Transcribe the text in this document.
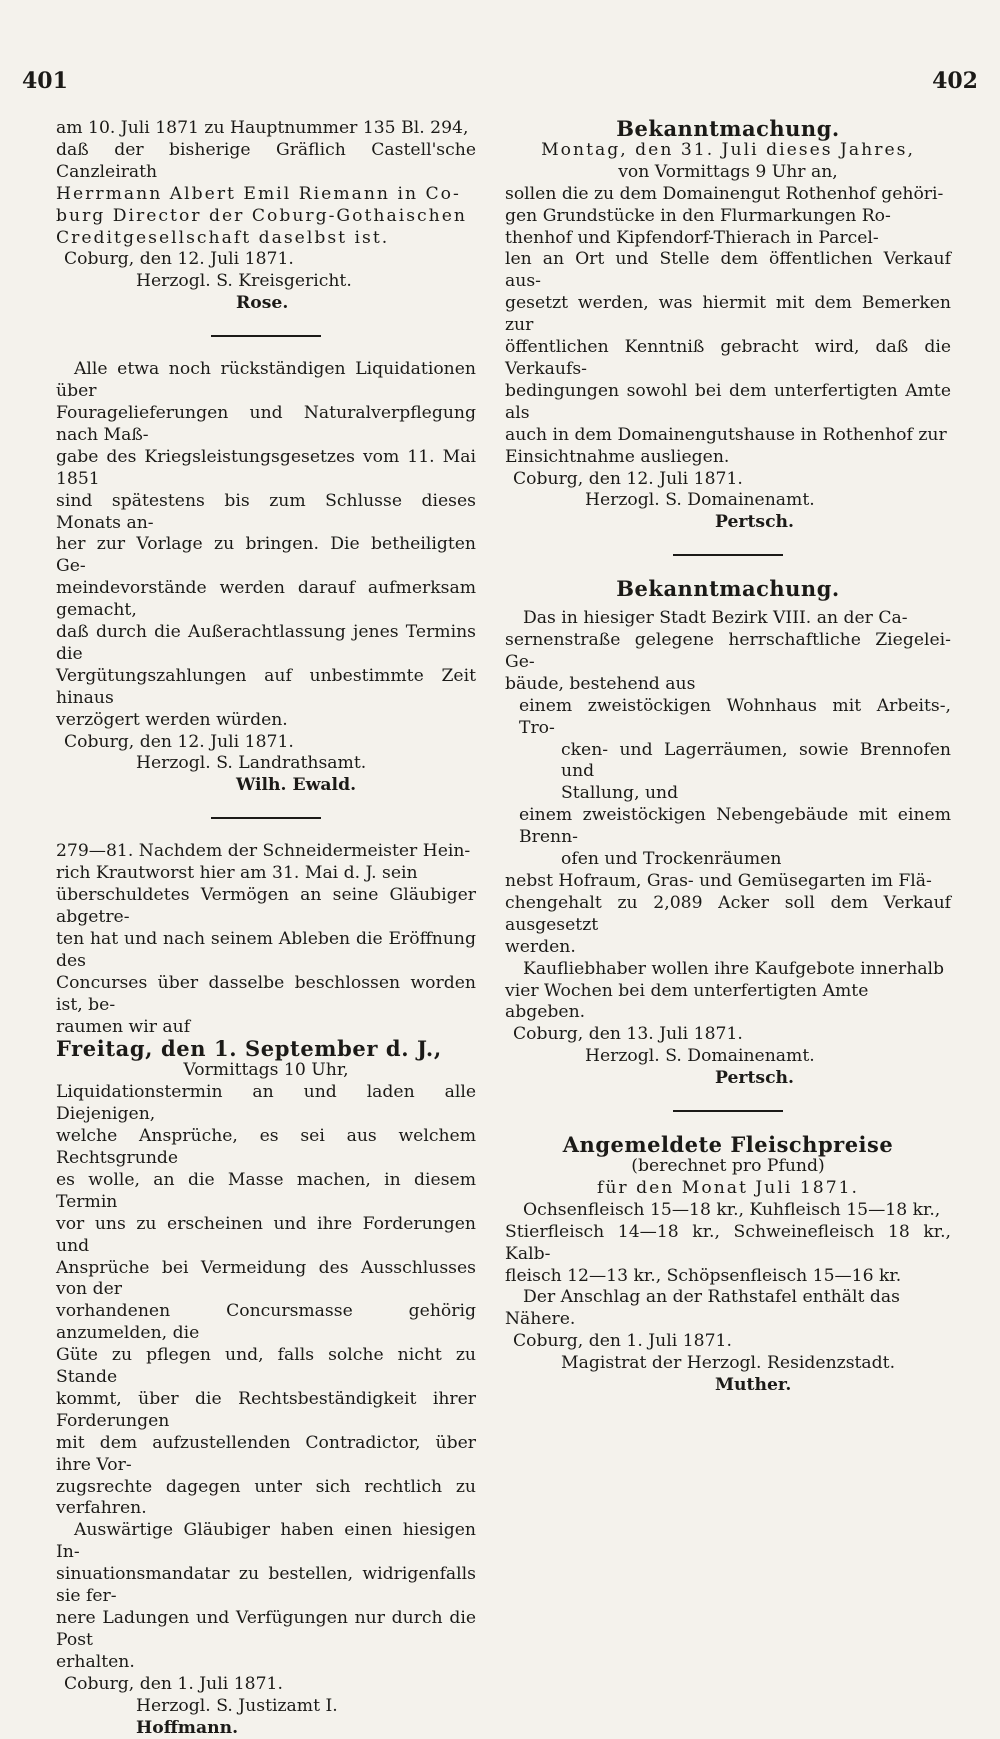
401	402

am 10. Juli 1871 zu Hauptnummer 135 Bl. 294,

daß der bisherige Gräflich Castell'sche Canzleirath

Herrmann Albert Emil Riemann in Co-

burg Director der Coburg-Gothaischen

Creditgesellschaft daselbst ist.

Coburg, den 12. Juli 1871.

Herzogl. S. Kreisgericht.

Rose.

Alle etwa noch rückständigen Liquidationen über

Fouragelieferungen und Naturalverpflegung nach Maß-

gabe des Kriegsleistungsgesetzes vom 11. Mai 1851

sind spätestens bis zum Schlusse dieses Monats an-

her zur Vorlage zu bringen. Die betheiligten Ge-

meindevorstände werden darauf aufmerksam gemacht,

daß durch die Außerachtlassung jenes Termins die

Vergütungszahlungen auf unbestimmte Zeit hinaus

verzögert werden würden.

Coburg, den 12. Juli 1871.

Herzogl. S. Landrathsamt.

Wilh. Ewald.

279—81. Nachdem der Schneidermeister Hein-

rich Krautworst hier am 31. Mai d. J. sein

überschuldetes Vermögen an seine Gläubiger abgetre-

ten hat und nach seinem Ableben die Eröffnung des

Concurses über dasselbe beschlossen worden ist, be-

raumen wir auf

Freitag, den 1. September d. J.,

Vormittags 10 Uhr,

Liquidationstermin an und laden alle Diejenigen,

welche Ansprüche, es sei aus welchem Rechtsgrunde

es wolle, an die Masse machen, in diesem Termin

vor uns zu erscheinen und ihre Forderungen und

Ansprüche bei Vermeidung des Ausschlusses von der

vorhandenen Concursmasse gehörig anzumelden, die

Güte zu pflegen und, falls solche nicht zu Stande

kommt, über die Rechtsbeständigkeit ihrer Forderungen

mit dem aufzustellenden Contradictor, über ihre Vor-

zugsrechte dagegen unter sich rechtlich zu verfahren.

Auswärtige Gläubiger haben einen hiesigen In-

sinuationsmandatar zu bestellen, widrigenfalls sie fer-

nere Ladungen und Verfügungen nur durch die Post

erhalten.

Coburg, den 1. Juli 1871.

Herzogl. S. Justizamt I.

Hoffmann.

Bekanntmachung.

Montag, den 31. Juli dieses Jahres,

von Vormittags 9 Uhr an,

sollen die zu dem Domainengut Rothenhof gehöri-

gen Grundstücke in den Flurmarkungen Ro-

thenhof und Kipfendorf-Thierach in Parcel-

len an Ort und Stelle dem öffentlichen Verkauf aus-

gesetzt werden, was hiermit mit dem Bemerken zur

öffentlichen Kenntniß gebracht wird, daß die Verkaufs-

bedingungen sowohl bei dem unterfertigten Amte als

auch in dem Domainengutshause in Rothenhof zur

Einsichtnahme ausliegen.

Coburg, den 12. Juli 1871.

Herzogl. S. Domainenamt.

Pertsch.

Bekanntmachung.

Das in hiesiger Stadt Bezirk VIII. an der Ca-

sernenstraße gelegene herrschaftliche Ziegelei-Ge-

bäude, bestehend aus

einem zweistöckigen Wohnhaus mit Arbeits-, Tro-

cken- und Lagerräumen, sowie Brennofen und

Stallung, und

einem zweistöckigen Nebengebäude mit einem Brenn-

ofen und Trockenräumen

nebst Hofraum, Gras- und Gemüsegarten im Flä-

chengehalt zu 2,089 Acker soll dem Verkauf ausgesetzt

werden.

Kaufliebhaber wollen ihre Kaufgebote innerhalb

vier Wochen bei dem unterfertigten Amte abgeben.

Coburg, den 13. Juli 1871.

Herzogl. S. Domainenamt.

Pertsch.

Angemeldete Fleischpreise

(berechnet pro Pfund)

für den Monat Juli 1871.

Ochsenfleisch 15—18 kr., Kuhfleisch 15—18 kr.,

Stierfleisch 14—18 kr., Schweinefleisch 18 kr., Kalb-

fleisch 12—13 kr., Schöpsenfleisch 15—16 kr.

Der Anschlag an der Rathstafel enthält das Nähere.

Coburg, den 1. Juli 1871.

Magistrat der Herzogl. Residenzstadt.

Muther.
